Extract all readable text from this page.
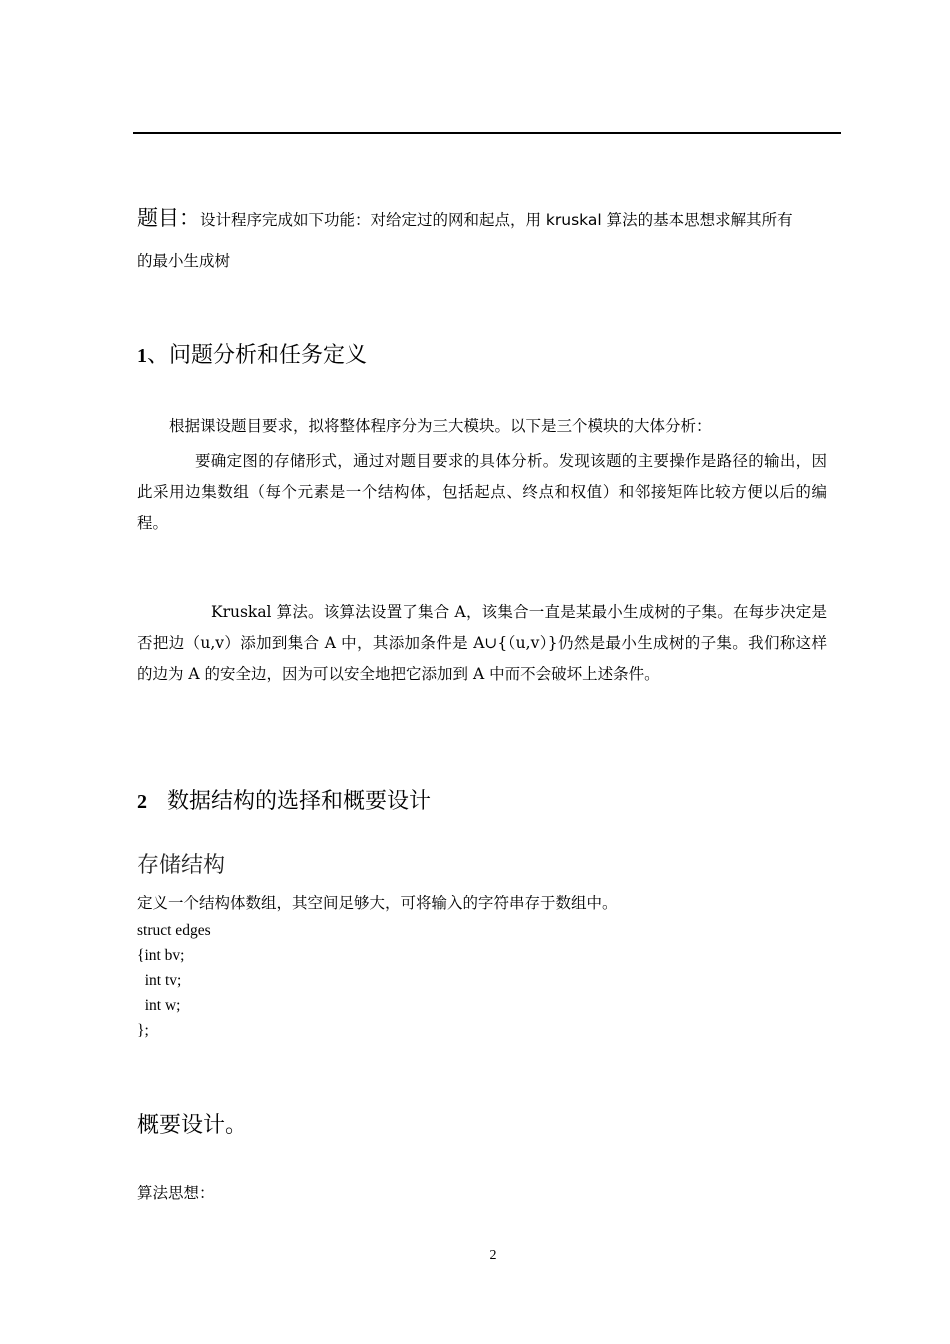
题目：设计程序完成如下功能：对给定过的网和起点，用 kruskal 算法的基本思想求解其所有
的最小生成树
1、问题分析和任务定义
根据课设题目要求，拟将整体程序分为三大模块。以下是三个模块的大体分析：
要确定图的存储形式，通过对题目要求的具体分析。发现该题的主要操作是路径的输出，因此采用边集数组（每个元素是一个结构体，包括起点、终点和权值）和邻接矩阵比较方便以后的编程。
Kruskal 算法。该算法设置了集合 A，该集合一直是某最小生成树的子集。在每步决定是否把边（u,v）添加到集合 A 中，其添加条件是 A∪{（u,v）}仍然是最小生成树的子集。我们称这样的边为 A 的安全边，因为可以安全地把它添加到 A 中而不会破坏上述条件。
2 数据结构的选择和概要设计
存储结构
定义一个结构体数组，其空间足够大，可将输入的字符串存于数组中。
struct edges
{int bv;
int tv;
int w;
};
概要设计。
算法思想：
2
